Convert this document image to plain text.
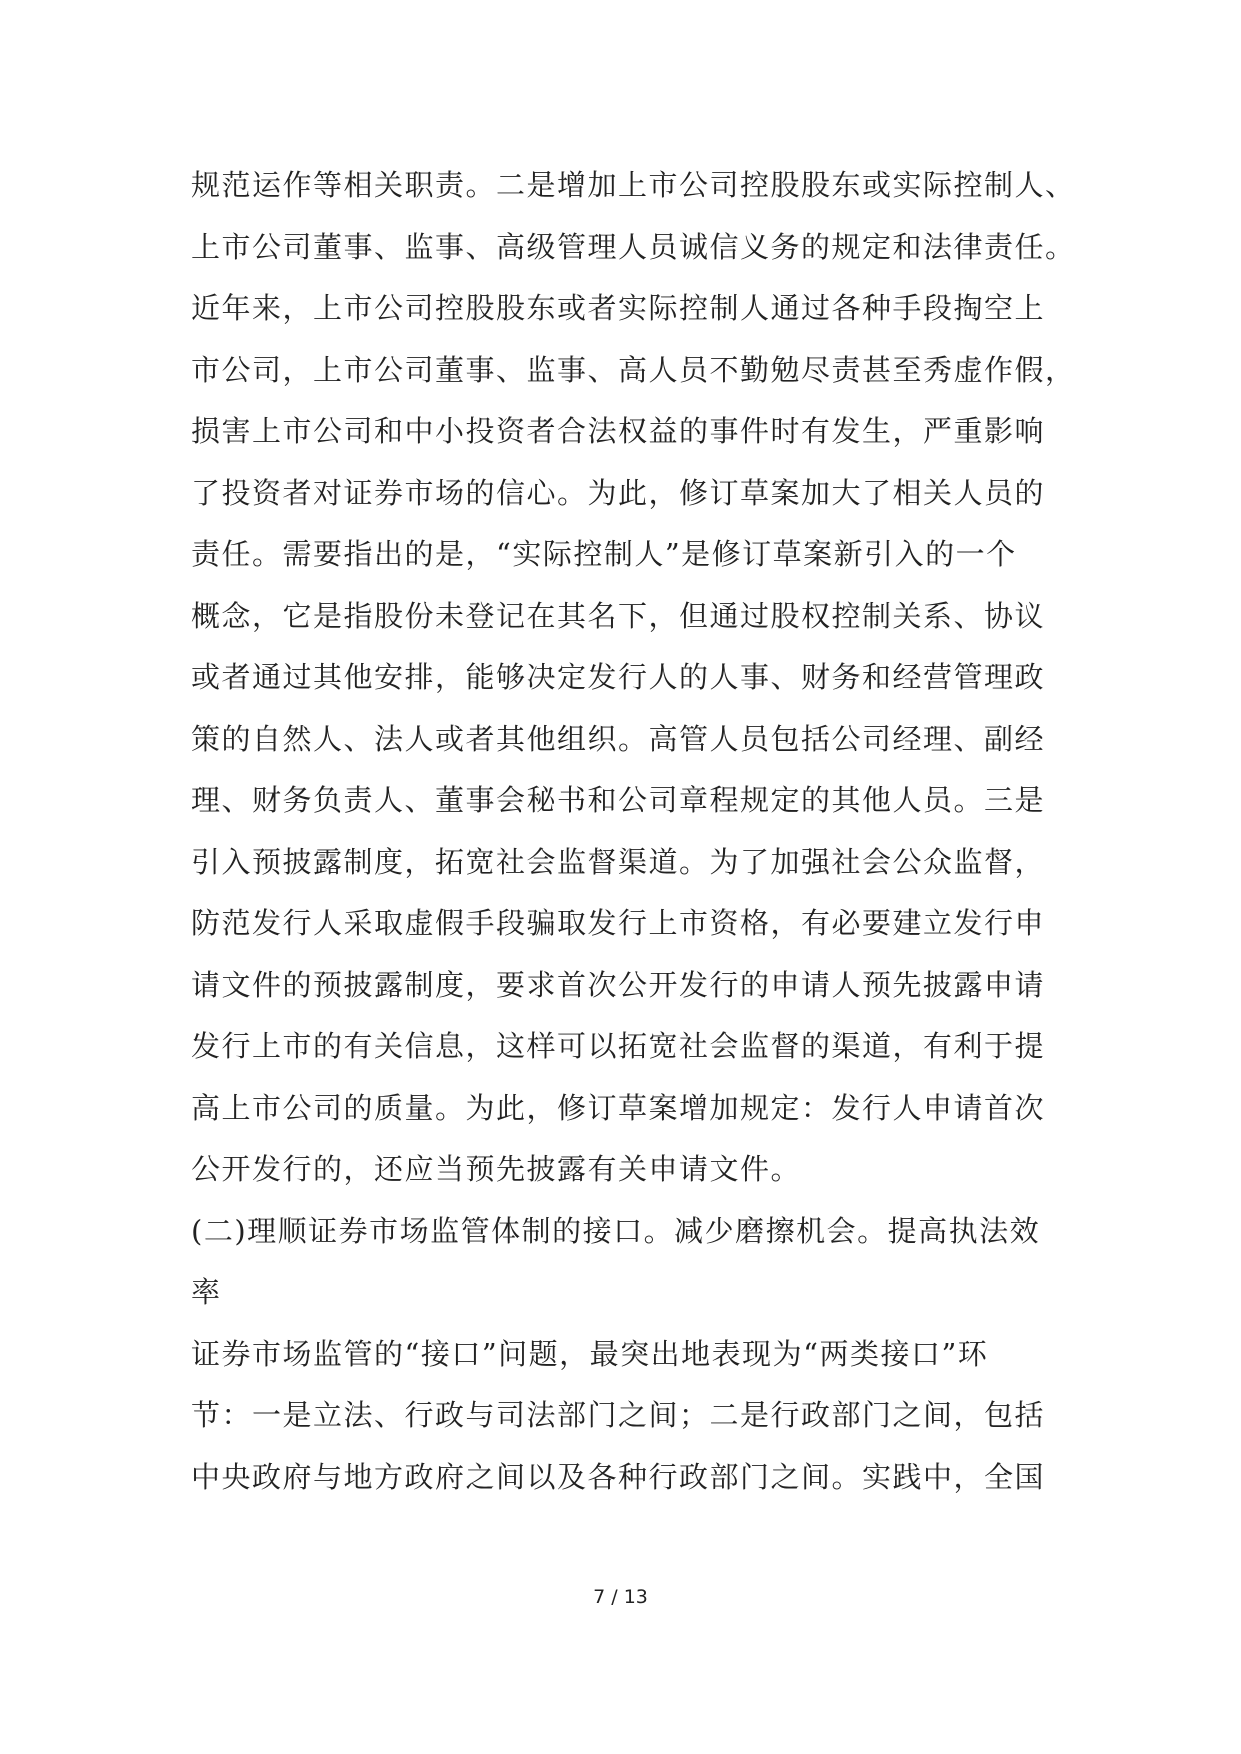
规范运作等相关职责。二是增加上市公司控股股东或实际控制人、
上市公司董事、监事、高级管理人员诚信义务的规定和法律责任。
近年来，上市公司控股股东或者实际控制人通过各种手段掏空上
市公司，上市公司董事、监事、高人员不勤勉尽责甚至秀虚作假，
损害上市公司和中小投资者合法权益的事件时有发生，严重影响
了投资者对证券市场的信心。为此，修订草案加大了相关人员的
责任。需要指出的是，“实际控制人”是修订草案新引入的一个
概念，它是指股份未登记在其名下，但通过股权控制关系、协议
或者通过其他安排，能够决定发行人的人事、财务和经营管理政
策的自然人、法人或者其他组织。高管人员包括公司经理、副经
理、财务负责人、董事会秘书和公司章程规定的其他人员。三是
引入预披露制度，拓宽社会监督渠道。为了加强社会公众监督，
防范发行人采取虚假手段骗取发行上市资格，有必要建立发行申
请文件的预披露制度，要求首次公开发行的申请人预先披露申请
发行上市的有关信息，这样可以拓宽社会监督的渠道，有利于提
高上市公司的质量。为此，修订草案增加规定：发行人申请首次
公开发行的，还应当预先披露有关申请文件。
(二)理顺证券市场监管体制的接口。减少磨擦机会。提高执法效
率
证券市场监管的“接口”问题，最突出地表现为“两类接口”环
节：一是立法、行政与司法部门之间；二是行政部门之间，包括
中央政府与地方政府之间以及各种行政部门之间。实践中，全国
7 / 13
